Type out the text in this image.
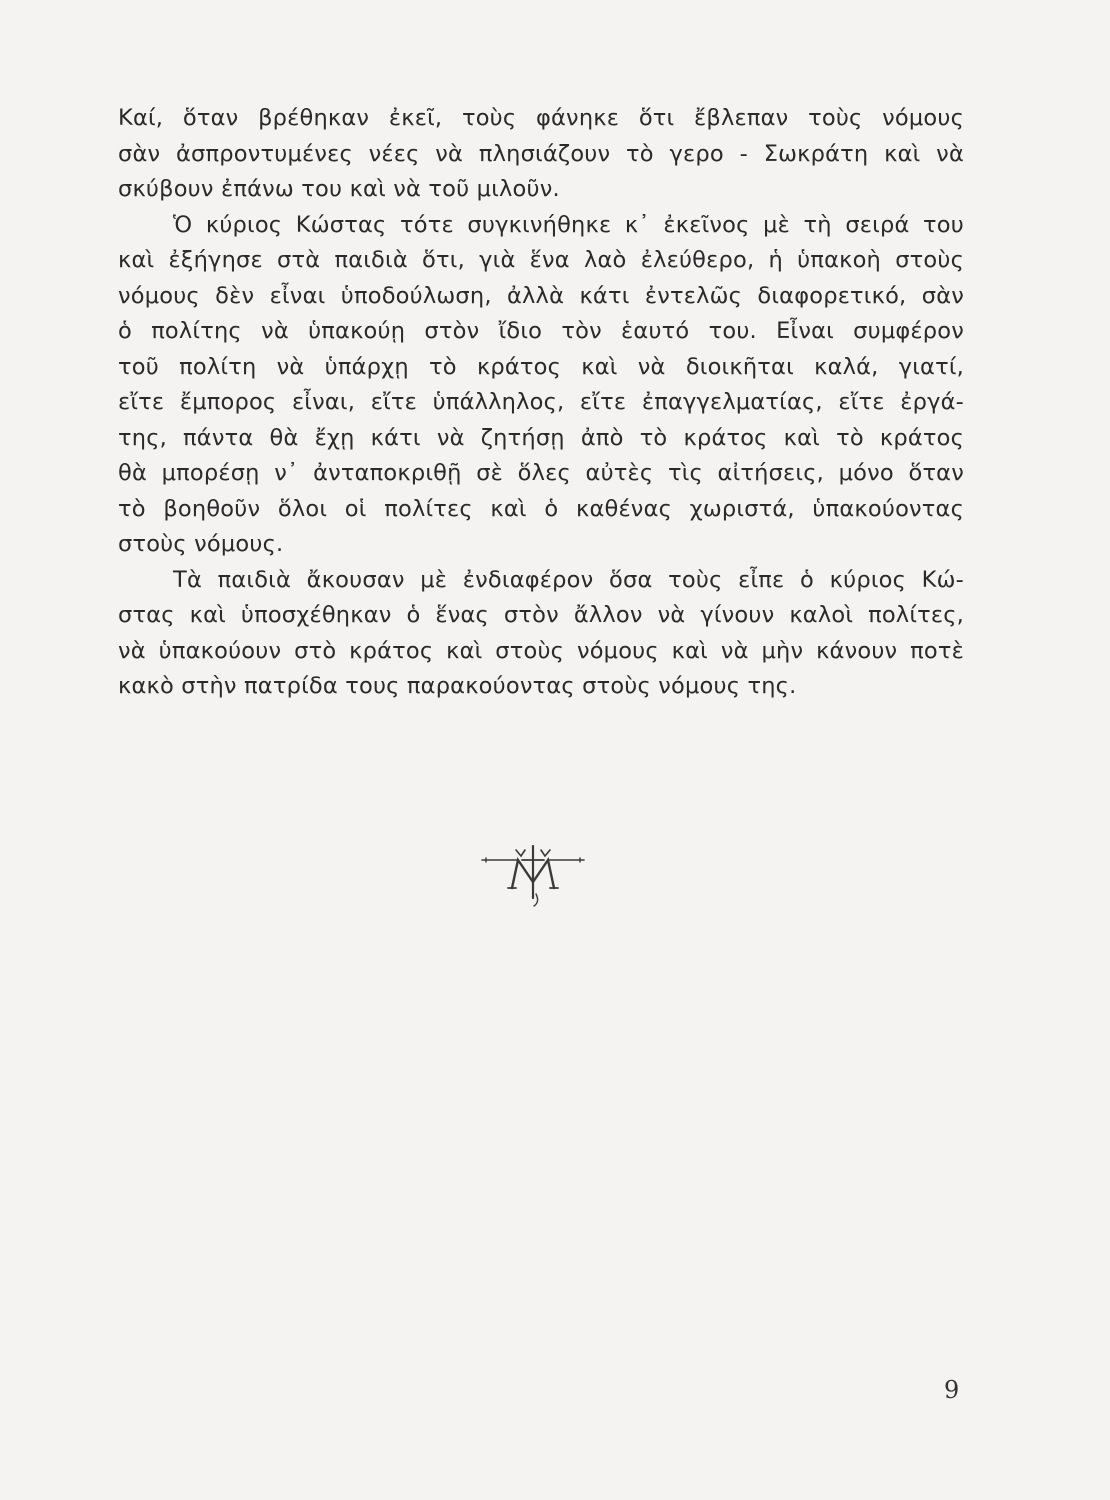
Καί, ὅταν βρέθηκαν ἐκεῖ, τοὺς φάνηκε ὅτι ἔβλεπαν τοὺς νόμους
σὰν ἀσπροντυμένες νέες νὰ πλησιάζουν τὸ γερο - Σωκράτη καὶ νὰ
σκύβουν ἐπάνω του καὶ νὰ τοῦ μιλοῦν.
Ὁ κύριος Κώστας τότε συγκινήθηκε κ᾿ ἐκεῖνος μὲ τὴ σειρά του
καὶ ἐξήγησε στὰ παιδιὰ ὅτι, γιὰ ἕνα λαὸ ἐλεύθερο, ἡ ὑπακοὴ στοὺς
νόμους δὲν εἶναι ὑποδούλωση, ἀλλὰ κάτι ἐντελῶς διαφορετικό, σὰν
ὁ πολίτης νὰ ὑπακούῃ στὸν ἴδιο τὸν ἑαυτό του. Εἶναι συμφέρον
τοῦ πολίτη νὰ ὑπάρχῃ τὸ κράτος καὶ νὰ διοικῆται καλά, γιατί,
εἴτε ἔμπορος εἶναι, εἴτε ὑπάλληλος, εἴτε ἐπαγγελματίας, εἴτε ἐργά-
της, πάντα θὰ ἔχῃ κάτι νὰ ζητήσῃ ἀπὸ τὸ κράτος καὶ τὸ κράτος
θὰ μπορέσῃ ν᾿ ἀνταποκριθῇ σὲ ὅλες αὐτὲς τὶς αἰτήσεις, μόνο ὅταν
τὸ βοηθοῦν ὅλοι οἱ πολίτες καὶ ὁ καθένας χωριστά, ὑπακούοντας
στοὺς νόμους.
Τὰ παιδιὰ ἄκουσαν μὲ ἐνδιαφέρον ὅσα τοὺς εἶπε ὁ κύριος Κώ-
στας καὶ ὑποσχέθηκαν ὁ ἕνας στὸν ἄλλον νὰ γίνουν καλοὶ πολίτες,
νὰ ὑπακούουν στὸ κράτος καὶ στοὺς νόμους καὶ νὰ μὴν κάνουν ποτὲ
κακὸ στὴν πατρίδα τους παρακούοντας στοὺς νόμους της.
9
